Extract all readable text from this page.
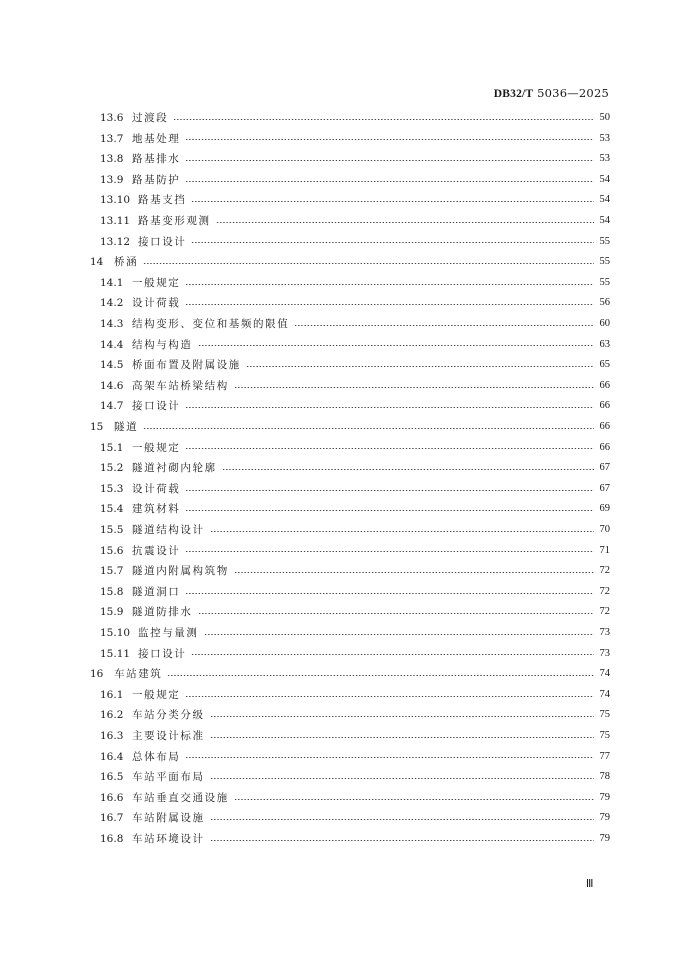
DB32/T 5036—2025
13.6 过渡段	50
13.7 地基处理	53
13.8 路基排水	53
13.9 路基防护	54
13.10 路基支挡	54
13.11 路基变形观测	54
13.12 接口设计	55
14	桥涵	55
14.1 一般规定	55
14.2 设计荷载	56
14.3 结构变形、变位和基频的限值	60
14.4 结构与构造	63
14.5 桥面布置及附属设施	65
14.6 高架车站桥梁结构	66
14.7 接口设计	66
15	隧道	66
15.1 一般规定	66
15.2 隧道衬砌内轮廓	67
15.3 设计荷载	67
15.4 建筑材料	69
15.5 隧道结构设计	70
15.6 抗震设计	71
15.7 隧道内附属构筑物	72
15.8 隧道洞口	72
15.9 隧道防排水	72
15.10 监控与量测	73
15.11 接口设计	73
16	车站建筑	74
16.1 一般规定	74
16.2 车站分类分级	75
16.3 主要设计标准	75
16.4 总体布局	77
16.5 车站平面布局	78
16.6 车站垂直交通设施	79
16.7 车站附属设施	79
16.8 车站环境设计	79
Ⅲ
